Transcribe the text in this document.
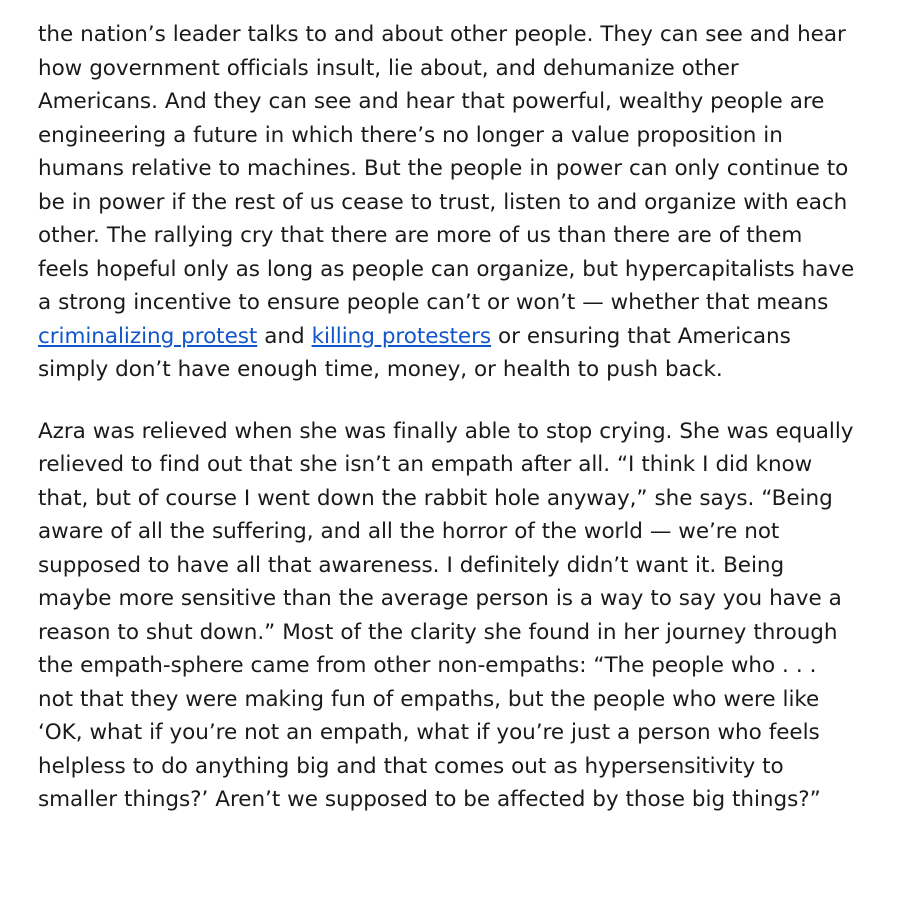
the nation’s leader talks to and about other people. They can see and hear how government officials insult, lie about, and dehumanize other Americans. And they can see and hear that powerful, wealthy people are engineering a future in which there’s no longer a value proposition in humans relative to machines. But the people in power can only continue to be in power if the rest of us cease to trust, listen to and organize with each other. The rallying cry that there are more of us than there are of them feels hopeful only as long as people can organize, but hypercapitalists have a strong incentive to ensure people can’t or won’t — whether that means criminalizing protest and killing protesters or ensuring that Americans simply don’t have enough time, money, or health to push back.

Azra was relieved when she was finally able to stop crying. She was equally relieved to find out that she isn’t an empath after all. “I think I did know that, but of course I went down the rabbit hole anyway,” she says. “Being aware of all the suffering, and all the horror of the world — we’re not supposed to have all that awareness. I definitely didn’t want it. Being maybe more sensitive than the average person is a way to say you have a reason to shut down.” Most of the clarity she found in her journey through the empath-sphere came from other non-empaths: “The people who . . . not that they were making fun of empaths, but the people who were like ‘OK, what if you’re not an empath, what if you’re just a person who feels helpless to do anything big and that comes out as hypersensitivity to smaller things?’ Aren’t we supposed to be affected by those big things?”
